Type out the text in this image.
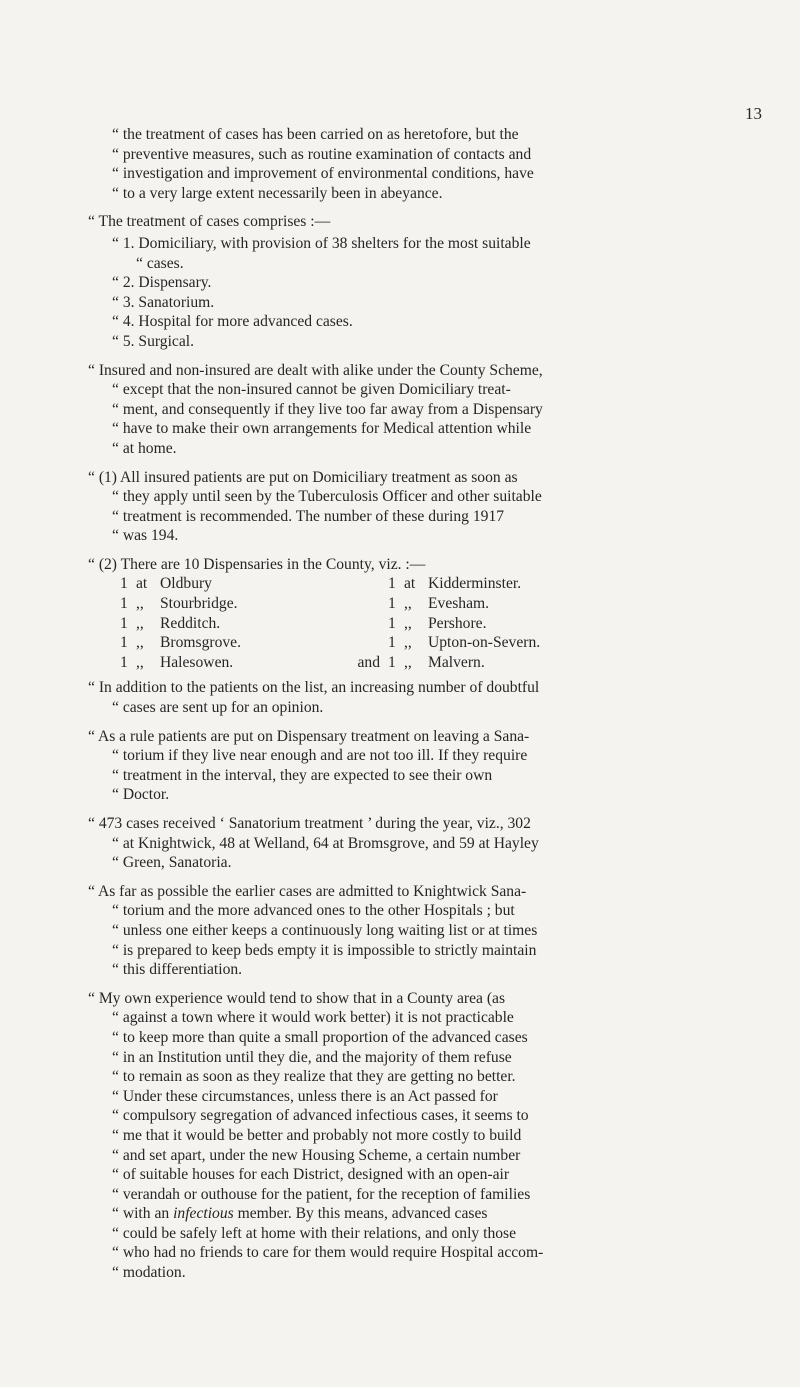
13
“ the treatment of cases has been carried on as heretofore, but the
“ preventive measures, such as routine examination of contacts and
“ investigation and improvement of environmental conditions, have
“ to a very large extent necessarily been in abeyance.
“ The treatment of cases comprises :—
“ 1. Domiciliary, with provision of 38 shelters for the most suitable
“ cases.
“ 2. Dispensary.
“ 3. Sanatorium.
“ 4. Hospital for more advanced cases.
“ 5. Surgical.
“ Insured and non-insured are dealt with alike under the County Scheme,
“ except that the non-insured cannot be given Domiciliary treat-
“ ment, and consequently if they live too far away from a Dispensary
“ have to make their own arrangements for Medical attention while
“ at home.
“ (1) All insured patients are put on Domiciliary treatment as soon as
“ they apply until seen by the Tuberculosis Officer and other suitable
“ treatment is recommended. The number of these during 1917
“ was 194.
“ (2) There are 10 Dispensaries in the County, viz. :—
1	at	Oldbury		1	at	Kidderminster.
1	,,	Stourbridge.		1	,,	Evesham.
1	,,	Redditch.		1	,,	Pershore.
1	,,	Bromsgrove.		1	,,	Upton-on-Severn.
1	,,	Halesowen.	and	1	,,	Malvern.
“ In addition to the patients on the list, an increasing number of doubtful
“ cases are sent up for an opinion.
“ As a rule patients are put on Dispensary treatment on leaving a Sana-
“ torium if they live near enough and are not too ill. If they require
“ treatment in the interval, they are expected to see their own
“ Doctor.
“ 473 cases received ‘ Sanatorium treatment ’ during the year, viz., 302
“ at Knightwick, 48 at Welland, 64 at Bromsgrove, and 59 at Hayley
“ Green, Sanatoria.
“ As far as possible the earlier cases are admitted to Knightwick Sana-
“ torium and the more advanced ones to the other Hospitals ; but
“ unless one either keeps a continuously long waiting list or at times
“ is prepared to keep beds empty it is impossible to strictly maintain
“ this differentiation.
“ My own experience would tend to show that in a County area (as
“ against a town where it would work better) it is not practicable
“ to keep more than quite a small proportion of the advanced cases
“ in an Institution until they die, and the majority of them refuse
“ to remain as soon as they realize that they are getting no better.
“ Under these circumstances, unless there is an Act passed for
“ compulsory segregation of advanced infectious cases, it seems to
“ me that it would be better and probably not more costly to build
“ and set apart, under the new Housing Scheme, a certain number
“ of suitable houses for each District, designed with an open-air
“ verandah or outhouse for the patient, for the reception of families
“ with an infectious member. By this means, advanced cases
“ could be safely left at home with their relations, and only those
“ who had no friends to care for them would require Hospital accom-
“ modation.
